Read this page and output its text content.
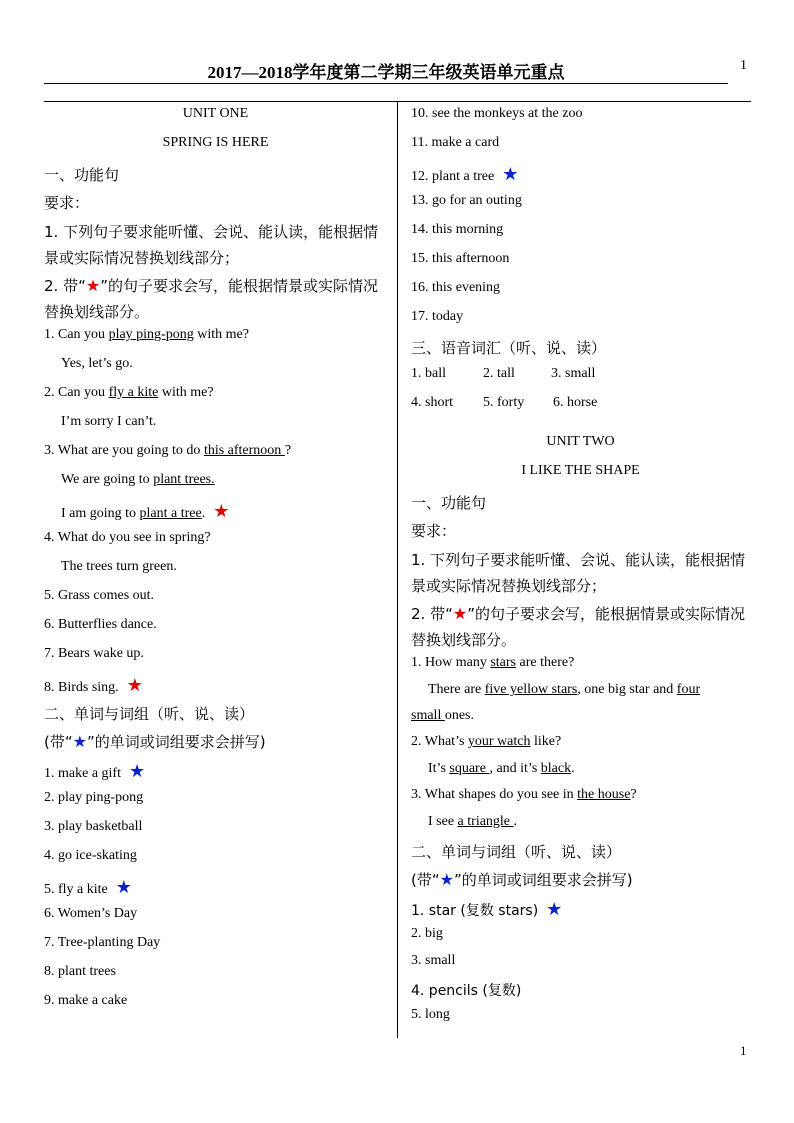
2017—2018学年度第二学期三年级英语单元重点	1
1
UNIT ONE
SPRING IS HERE
一、功能句
要求：
1. 下列句子要求能听懂、会说、能认读，能根据情景或实际情况替换划线部分；
2. 带“★”的句子要求会写，能根据情景或实际情况替换划线部分。
1. Can you play ping-pong with me?
Yes, let’s go.
2. Can you fly a kite with me?
I’m sorry I can’t.
3. What are you going to do this afternoon ?
We are going to plant trees.
I am going to plant a tree. ★
4. What do you see in spring?
The trees turn green.
5. Grass comes out.
6. Butterflies dance.
7. Bears wake up.
8. Birds sing. ★
二、单词与词组（听、说、读）
(带“★”的单词或词组要求会拼写)
1. make a gift ★
2. play ping-pong
3. play basketball
4. go ice-skating
5. fly a kite ★
6. Women’s Day
7. Tree-planting Day
8. plant trees
9. make a cake
10. see the monkeys at the zoo
11. make a card
12. plant a tree ★
13. go for an outing
14. this morning
15. this afternoon
16. this evening
17. today
三、语音词汇（听、说、读）
1. ball	2. tall	3. small
4. short 5. forty 6. horse
UNIT TWO
I LIKE THE SHAPE
一、功能句
要求：
1. 下列句子要求能听懂、会说、能认读，能根据情景或实际情况替换划线部分；
2. 带“★”的句子要求会写，能根据情景或实际情况替换划线部分。
1. How many stars are there?
There are five yellow stars, one big star and four
small ones.
2. What’s your watch like?
It’s square , and it’s black.
3. What shapes do you see in the house?
I see a triangle .
二、单词与词组（听、说、读）
(带“★”的单词或词组要求会拼写)
1. star (复数 stars) ★
2. big
3. small
4. pencils (复数)
5. long
